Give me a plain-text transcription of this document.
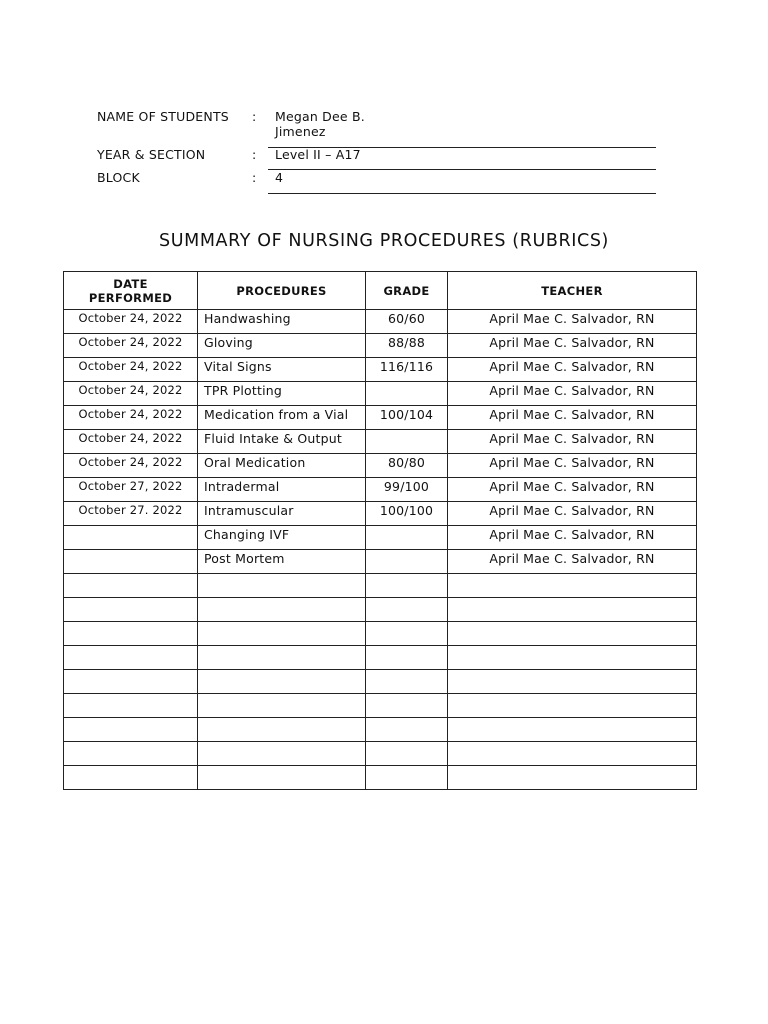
NAME OF STUDENTS : Megan Dee B.
Jimenez
YEAR & SECTION	: Level II – A17
BLOCK	: 4
SUMMARY OF NURSING PROCEDURES (RUBRICS)
DATE
PERFORMED	PROCEDURES	GRADE	TEACHER
October 24, 2022	Handwashing	60/60	April Mae C. Salvador, RN
October 24, 2022	Gloving	88/88	April Mae C. Salvador, RN
October 24, 2022	Vital Signs	116/116	April Mae C. Salvador, RN
October 24, 2022	TPR Plotting		April Mae C. Salvador, RN
October 24, 2022	Medication from a Vial	100/104	April Mae C. Salvador, RN
October 24, 2022	Fluid Intake & Output		April Mae C. Salvador, RN
October 24, 2022	Oral Medication	80/80	April Mae C. Salvador, RN
October 27, 2022	Intradermal	99/100	April Mae C. Salvador, RN
October 27. 2022	Intramuscular	100/100	April Mae C. Salvador, RN
	Changing IVF		April Mae C. Salvador, RN
	Post Mortem		April Mae C. Salvador, RN
